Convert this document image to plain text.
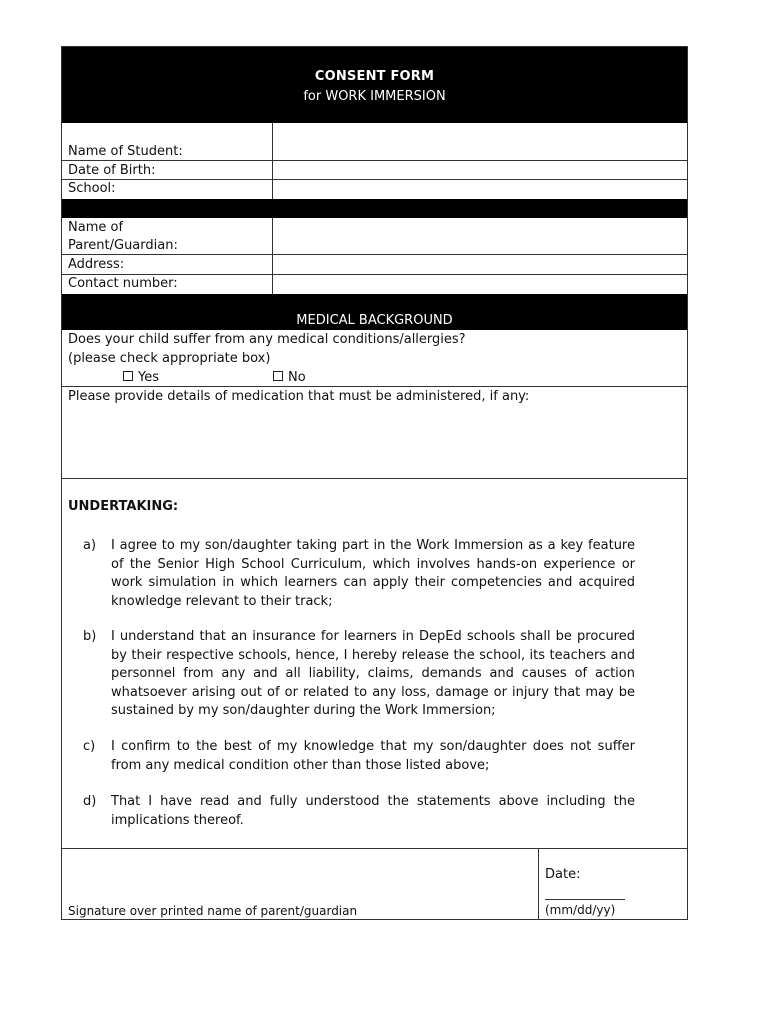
CONSENT FORM
for WORK IMMERSION
Name of Student:
Date of Birth:
School:
Name of
Parent/Guardian:
Address:
Contact number:
MEDICAL BACKGROUND
Does your child suffer from any medical conditions/allergies?
(please check appropriate box)
Yes	No
Please provide details of medication that must be administered, if any:
UNDERTAKING:
a) I agree to my son/daughter taking part in the Work Immersion as a key feature of the Senior High School Curriculum, which involves hands-on experience or work simulation in which learners can apply their competencies and acquired knowledge relevant to their track;
b) I understand that an insurance for learners in DepEd schools shall be procured by their respective schools, hence, I hereby release the school, its teachers and personnel from any and all liability, claims, demands and causes of action whatsoever arising out of or related to any loss, damage or injury that may be sustained by my son/daughter during the Work Immersion;
c) I confirm to the best of my knowledge that my son/daughter does not suffer from any medical condition other than those listed above;
d) That I have read and fully understood the statements above including the implications thereof.
Signature over printed name of parent/guardian
Date:
(mm/dd/yy)
